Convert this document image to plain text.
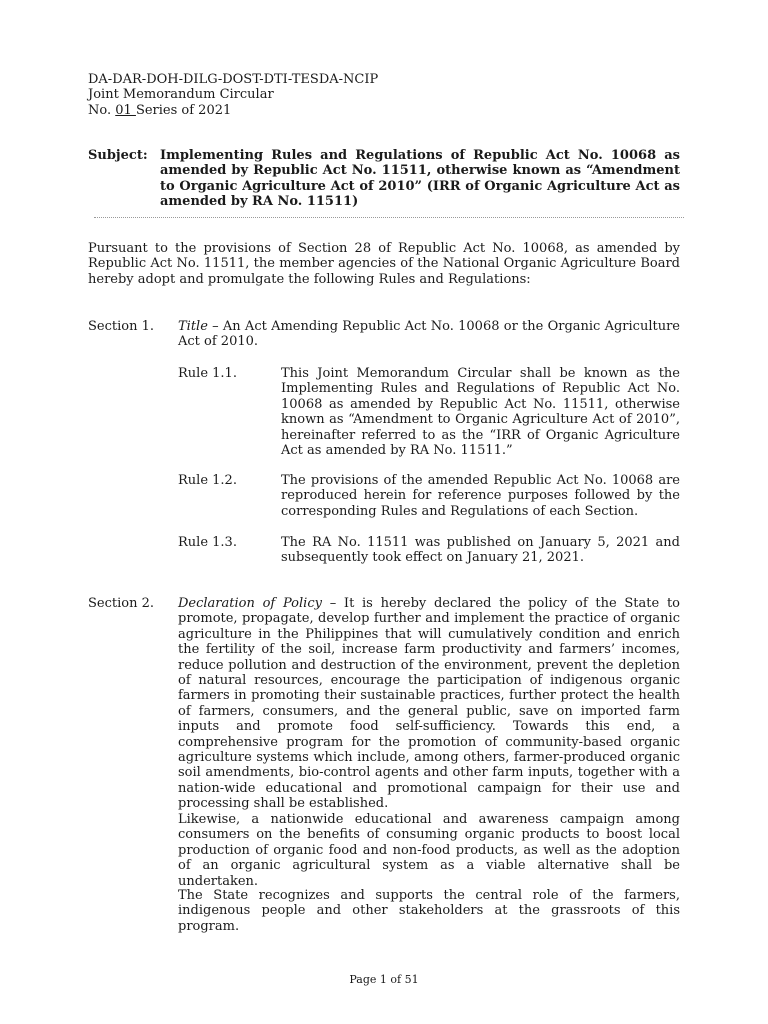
DA-DAR-DOH-DILG-DOST-DTI-TESDA-NCIP
Joint Memorandum Circular
No. 01 Series of 2021
Subject: Implementing Rules and Regulations of Republic Act No. 10068 as amended by Republic Act No. 11511, otherwise known as “Amendment to Organic Agriculture Act of 2010” (IRR of Organic Agriculture Act as amended by RA No. 11511)
Pursuant to the provisions of Section 28 of Republic Act No. 10068, as amended by Republic Act No. 11511, the member agencies of the National Organic Agriculture Board hereby adopt and promulgate the following Rules and Regulations:
Section 1. Title – An Act Amending Republic Act No. 10068 or the Organic Agriculture Act of 2010.
Rule 1.1.	This Joint Memorandum Circular shall be known as the Implementing Rules and Regulations of Republic Act No. 10068 as amended by Republic Act No. 11511, otherwise known as “Amendment to Organic Agriculture Act of 2010”, hereinafter referred to as the “IRR of Organic Agriculture Act as amended by RA No. 11511.”
Rule 1.2.	The provisions of the amended Republic Act No. 10068 are reproduced herein for reference purposes followed by the corresponding Rules and Regulations of each Section.
Rule 1.3.	The RA No. 11511 was published on January 5, 2021 and subsequently took effect on January 21, 2021.
Section 2. Declaration of Policy – It is hereby declared the policy of the State to promote, propagate, develop further and implement the practice of organic agriculture in the Philippines that will cumulatively condition and enrich the fertility of the soil, increase farm productivity and farmers’ incomes, reduce pollution and destruction of the environment, prevent the depletion of natural resources, encourage the participation of indigenous organic farmers in promoting their sustainable practices, further protect the health of farmers, consumers, and the general public, save on imported farm inputs and promote food self-sufficiency. Towards this end, a comprehensive program for the promotion of community-based organic agriculture systems which include, among others, farmer-produced organic soil amendments, bio-control agents and other farm inputs, together with a nation-wide educational and promotional campaign for their use and processing shall be established.
Likewise, a nationwide educational and awareness campaign among consumers on the benefits of consuming organic products to boost local production of organic food and non-food products, as well as the adoption of an organic agricultural system as a viable alternative shall be undertaken.
The State recognizes and supports the central role of the farmers, indigenous people and other stakeholders at the grassroots of this program.
Page 1 of 51
